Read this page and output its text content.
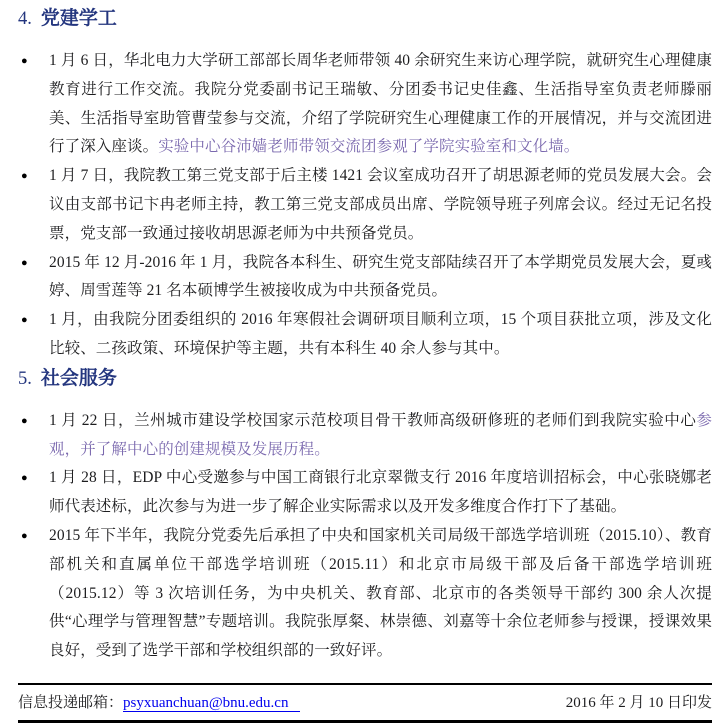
4. 党建学工
●	1 月 6 日，华北电力大学研工部部长周华老师带领 40 余研究生来访心理学院，就研究生心理健康教育进行工作交流。我院分党委副书记王瑞敏、分团委书记史佳鑫、生活指导室负责老师滕丽美、生活指导室助管曹莹参与交流，介绍了学院研究生心理健康工作的开展情况，并与交流团进行了深入座谈。实验中心谷沛嫱老师带领交流团参观了学院实验室和文化墙。

●	1 月 7 日，我院教工第三党支部于后主楼 1421 会议室成功召开了胡思源老师的党员发展大会。会议由支部书记卞冉老师主持，教工第三党支部成员出席、学院领导班子列席会议。经过无记名投票，党支部一致通过接收胡思源老师为中共预备党员。

●	2015 年 12 月-2016 年 1 月，我院各本科生、研究生党支部陆续召开了本学期党员发展大会，夏彧婷、周雪莲等 21 名本硕博学生被接收成为中共预备党员。

●	1 月，由我院分团委组织的 2016 年寒假社会调研项目顺利立项，15 个项目获批立项，涉及文化比较、二孩政策、环境保护等主题，共有本科生 40 余人参与其中。

5. 社会服务
●	1 月 22 日，兰州城市建设学校国家示范校项目骨干教师高级研修班的老师们到我院实验中心参观，并了解中心的创建规模及发展历程。

●	1 月 28 日，EDP 中心受邀参与中国工商银行北京翠微支行 2016 年度培训招标会，中心张晓娜老师代表述标，此次参与为进一步了解企业实际需求以及开发多维度合作打下了基础。

●	2015 年下半年，我院分党委先后承担了中央和国家机关司局级干部选学培训班（2015.10）、教育部机关和直属单位干部选学培训班（2015.11）和北京市局级干部及后备干部选学培训班（2015.12）等 3 次培训任务，为中央机关、教育部、北京市的各类领导干部约 300 余人次提供“心理学与管理智慧”专题培训。我院张厚粲、林崇德、刘嘉等十余位老师参与授课，授课效果良好，受到了选学干部和学校组织部的一致好评。

信息投递邮箱：psyxuanchuan@bnu.edu.cn	2016 年 2 月 10 日印发
